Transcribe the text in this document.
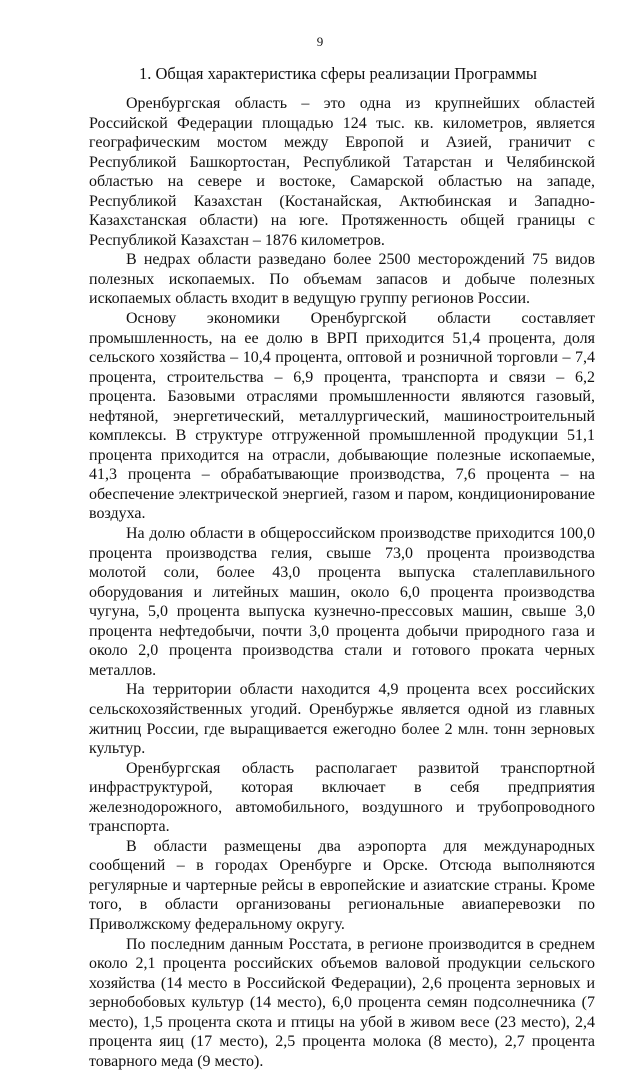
9
1. Общая характеристика сферы реализации Программы

Оренбургская область – это одна из крупнейших областей Российской Федерации площадью 124 тыс. кв. километров, является географическим мостом между Европой и Азией, граничит с Республикой Башкортостан, Республикой Татарстан и Челябинской областью на севере и востоке, Самарской областью на западе, Республикой Казахстан (Костанайская, Актюбинская и Западно-Казахстанская области) на юге. Протяженность общей границы с Республикой Казахстан – 1876 километров.

В недрах области разведано более 2500 месторождений 75 видов полезных ископаемых. По объемам запасов и добыче полезных ископаемых область входит в ведущую группу регионов России.

Основу экономики Оренбургской области составляет промышленность, на ее долю в ВРП приходится 51,4 процента, доля сельского хозяйства – 10,4 процента, оптовой и розничной торговли – 7,4 процента, строительства – 6,9 процента, транспорта и связи – 6,2 процента. Базовыми отраслями промышленности являются газовый, нефтяной, энергетический, металлургический, машиностроительный комплексы. В структуре отгруженной промышленной продукции 51,1 процента приходится на отрасли, добывающие полезные ископаемые, 41,3 процента – обрабатывающие производства, 7,6 процента – на обеспечение электрической энергией, газом и паром, кондиционирование воздуха.

На долю области в общероссийском производстве приходится 100,0 процента производства гелия, свыше 73,0 процента производства молотой соли, более 43,0 процента выпуска сталеплавильного оборудования и литейных машин, около 6,0 процента производства чугуна, 5,0 процента выпуска кузнечно-прессовых машин, свыше 3,0 процента нефтедобычи, почти 3,0 процента добычи природного газа и около 2,0 процента производства стали и готового проката черных металлов.

На территории области находится 4,9 процента всех российских сельскохозяйственных угодий. Оренбуржье является одной из главных житниц России, где выращивается ежегодно более 2 млн. тонн зерновых культур.

Оренбургская область располагает развитой транспортной инфраструктурой, которая включает в себя предприятия железнодорожного, автомобильного, воздушного и трубопроводного транспорта.

В области размещены два аэропорта для международных сообщений – в городах Оренбурге и Орске. Отсюда выполняются регулярные и чартерные рейсы в европейские и азиатские страны. Кроме того, в области организованы региональные авиаперевозки по Приволжскому федеральному округу.

По последним данным Росстата, в регионе производится в среднем около 2,1 процента российских объемов валовой продукции сельского хозяйства (14 место в Российской Федерации), 2,6 процента зерновых и зернобобовых культур (14 место), 6,0 процента семян подсолнечника (7 место), 1,5 процента скота и птицы на убой в живом весе (23 место), 2,4 процента яиц (17 место), 2,5 процента молока (8 место), 2,7 процента товарного меда (9 место).
